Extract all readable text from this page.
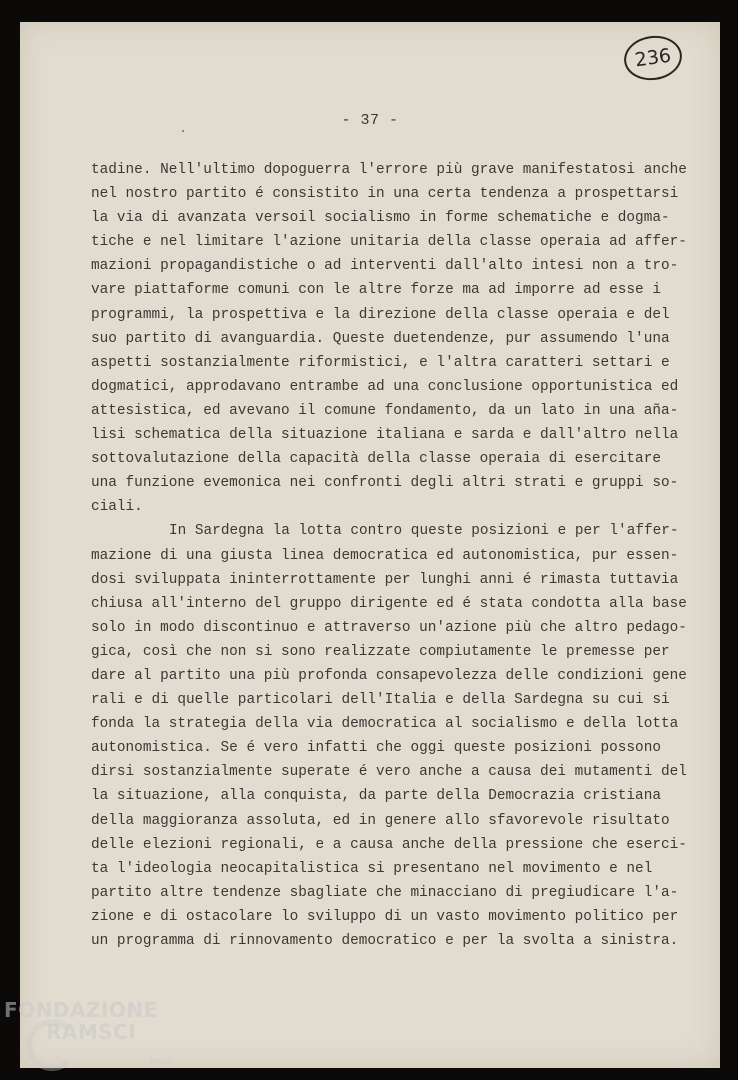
236
- 37 -
tadine. Nell'ultimo dopoguerra l'errore più grave manifestatosi anche
nel nostro partito é consistito in una certa tendenza a prospettarsi
la via di avanzata versoil socialismo in forme schematiche e dogma-
tiche e nel limitare l'azione unitaria della classe operaia ad affer-
mazioni propagandistiche o ad interventi dall'alto intesi non a tro-
vare piattaforme comuni con le altre forze ma ad imporre ad esse i
programmi, la prospettiva e la direzione della classe operaia e del
suo partito di avanguardia. Queste duetendenze, pur assumendo l'una
aspetti sostanzialmente riformistici, e l'altra caratteri settari e
dogmatici, approdavano entrambe ad una conclusione opportunistica ed
attesistica, ed avevano il comune fondamento, da un lato in una aña-
lisi schematica della situazione italiana e sarda e dall'altro nella
sottovalutazione della capacità della classe operaia di esercitare
una funzione evemonica nei confronti degli altri strati e gruppi so-
ciali.
In Sardegna la lotta contro queste posizioni e per l'affer-
mazione di una giusta linea democratica ed autonomistica, pur essen-
dosi sviluppata ininterrottamente per lunghi anni é rimasta tuttavia
chiusa all'interno del gruppo dirigente ed é stata condotta alla base
solo in modo discontinuo e attraverso un'azione più che altro pedago-
gica, così che non si sono realizzate compiutamente le premesse per
dare al partito una più profonda consapevolezza delle condizioni gene
rali e di quelle particolari dell'Italia e della Sardegna su cui si
fonda la strategia della via democratica al socialismo e della lotta
autonomistica. Se é vero infatti che oggi queste posizioni possono
dirsi sostanzialmente superate é vero anche a causa dei mutamenti del
la situazione, alla conquista, da parte della Democrazia cristiana
della maggioranza assoluta, ed in genere allo sfavorevole risultato
delle elezioni regionali, e a causa anche della pressione che eserci-
ta l'ideologia neocapitalistica si presentano nel movimento e nel
partito altre tendenze sbagliate che minacciano di pregiudicare l'a-
zione e di ostacolare lo sviluppo di un vasto movimento politico per
un programma di rinnovamento democratico e per la svolta a sinistra.
FONDAZIONE
RAMSCI
onlus
